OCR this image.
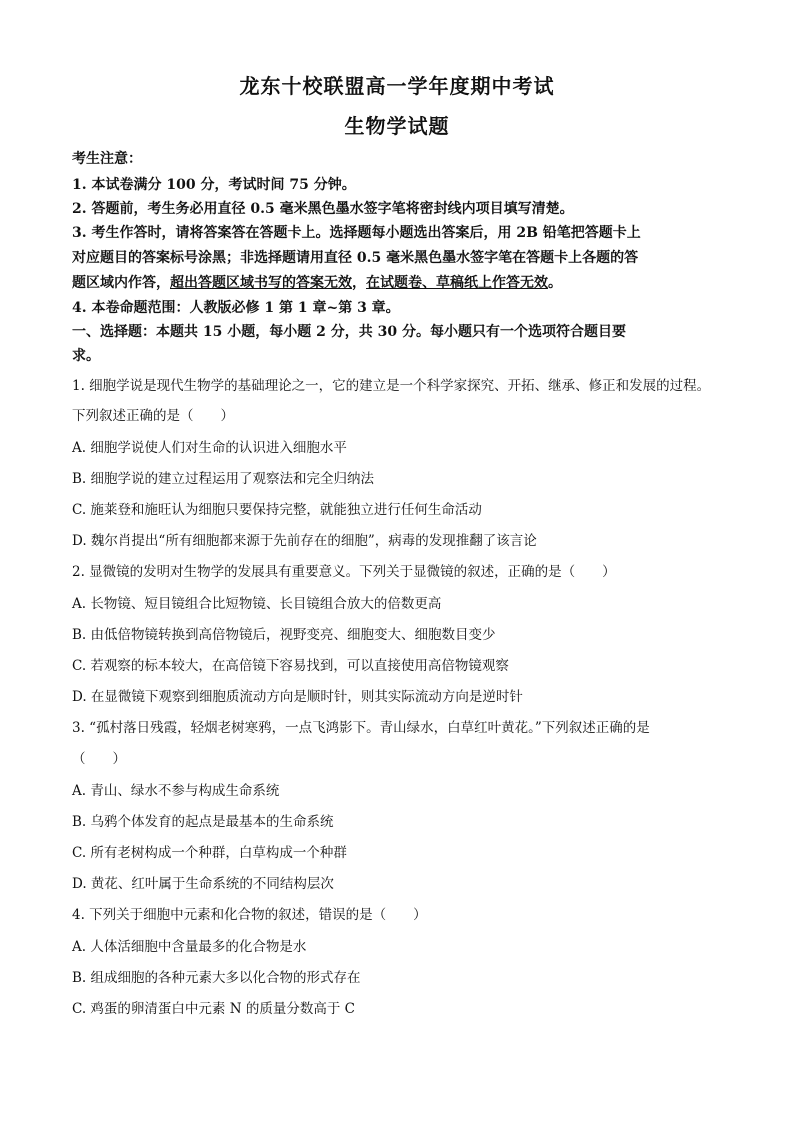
龙东十校联盟高一学年度期中考试
生物学试题
考生注意：
1. 本试卷满分 100 分，考试时间 75 分钟。
2. 答题前，考生务必用直径 0.5 毫米黑色墨水签字笔将密封线内项目填写清楚。
3. 考生作答时，请将答案答在答题卡上。选择题每小题选出答案后，用 2B 铅笔把答题卡上
对应题目的答案标号涂黑；非选择题请用直径 0.5 毫米黑色墨水签字笔在答题卡上各题的答
题区域内作答，超出答题区域书写的答案无效，在试题卷、草稿纸上作答无效。
4. 本卷命题范围：人教版必修 1 第 1 章~第 3 章。
一、选择题：本题共 15 小题，每小题 2 分，共 30 分。每小题只有一个选项符合题目要
求。
1. 细胞学说是现代生物学的基础理论之一，它的建立是一个科学家探究、开拓、继承、修正和发展的过程。
下列叙述正确的是（　　）
A. 细胞学说使人们对生命的认识进入细胞水平
B. 细胞学说的建立过程运用了观察法和完全归纳法
C. 施莱登和施旺认为细胞只要保持完整，就能独立进行任何生命活动
D. 魏尔肖提出“所有细胞都来源于先前存在的细胞”，病毒的发现推翻了该言论
2. 显微镜的发明对生物学的发展具有重要意义。下列关于显微镜的叙述，正确的是（　　）
A. 长物镜、短目镜组合比短物镜、长目镜组合放大的倍数更高
B. 由低倍物镜转换到高倍物镜后，视野变亮、细胞变大、细胞数目变少
C. 若观察的标本较大，在高倍镜下容易找到，可以直接使用高倍物镜观察
D. 在显微镜下观察到细胞质流动方向是顺时针，则其实际流动方向是逆时针
3. “孤村落日残霞，轻烟老树寒鸦，一点飞鸿影下。青山绿水，白草红叶黄花。”下列叙述正确的是
（　　）
A. 青山、绿水不参与构成生命系统
B. 乌鸦个体发育的起点是最基本的生命系统
C. 所有老树构成一个种群，白草构成一个种群
D. 黄花、红叶属于生命系统的不同结构层次
4. 下列关于细胞中元素和化合物的叙述，错误的是（　　）
A. 人体活细胞中含量最多的化合物是水
B. 组成细胞的各种元素大多以化合物的形式存在
C. 鸡蛋的卵清蛋白中元素 N 的质量分数高于 C
